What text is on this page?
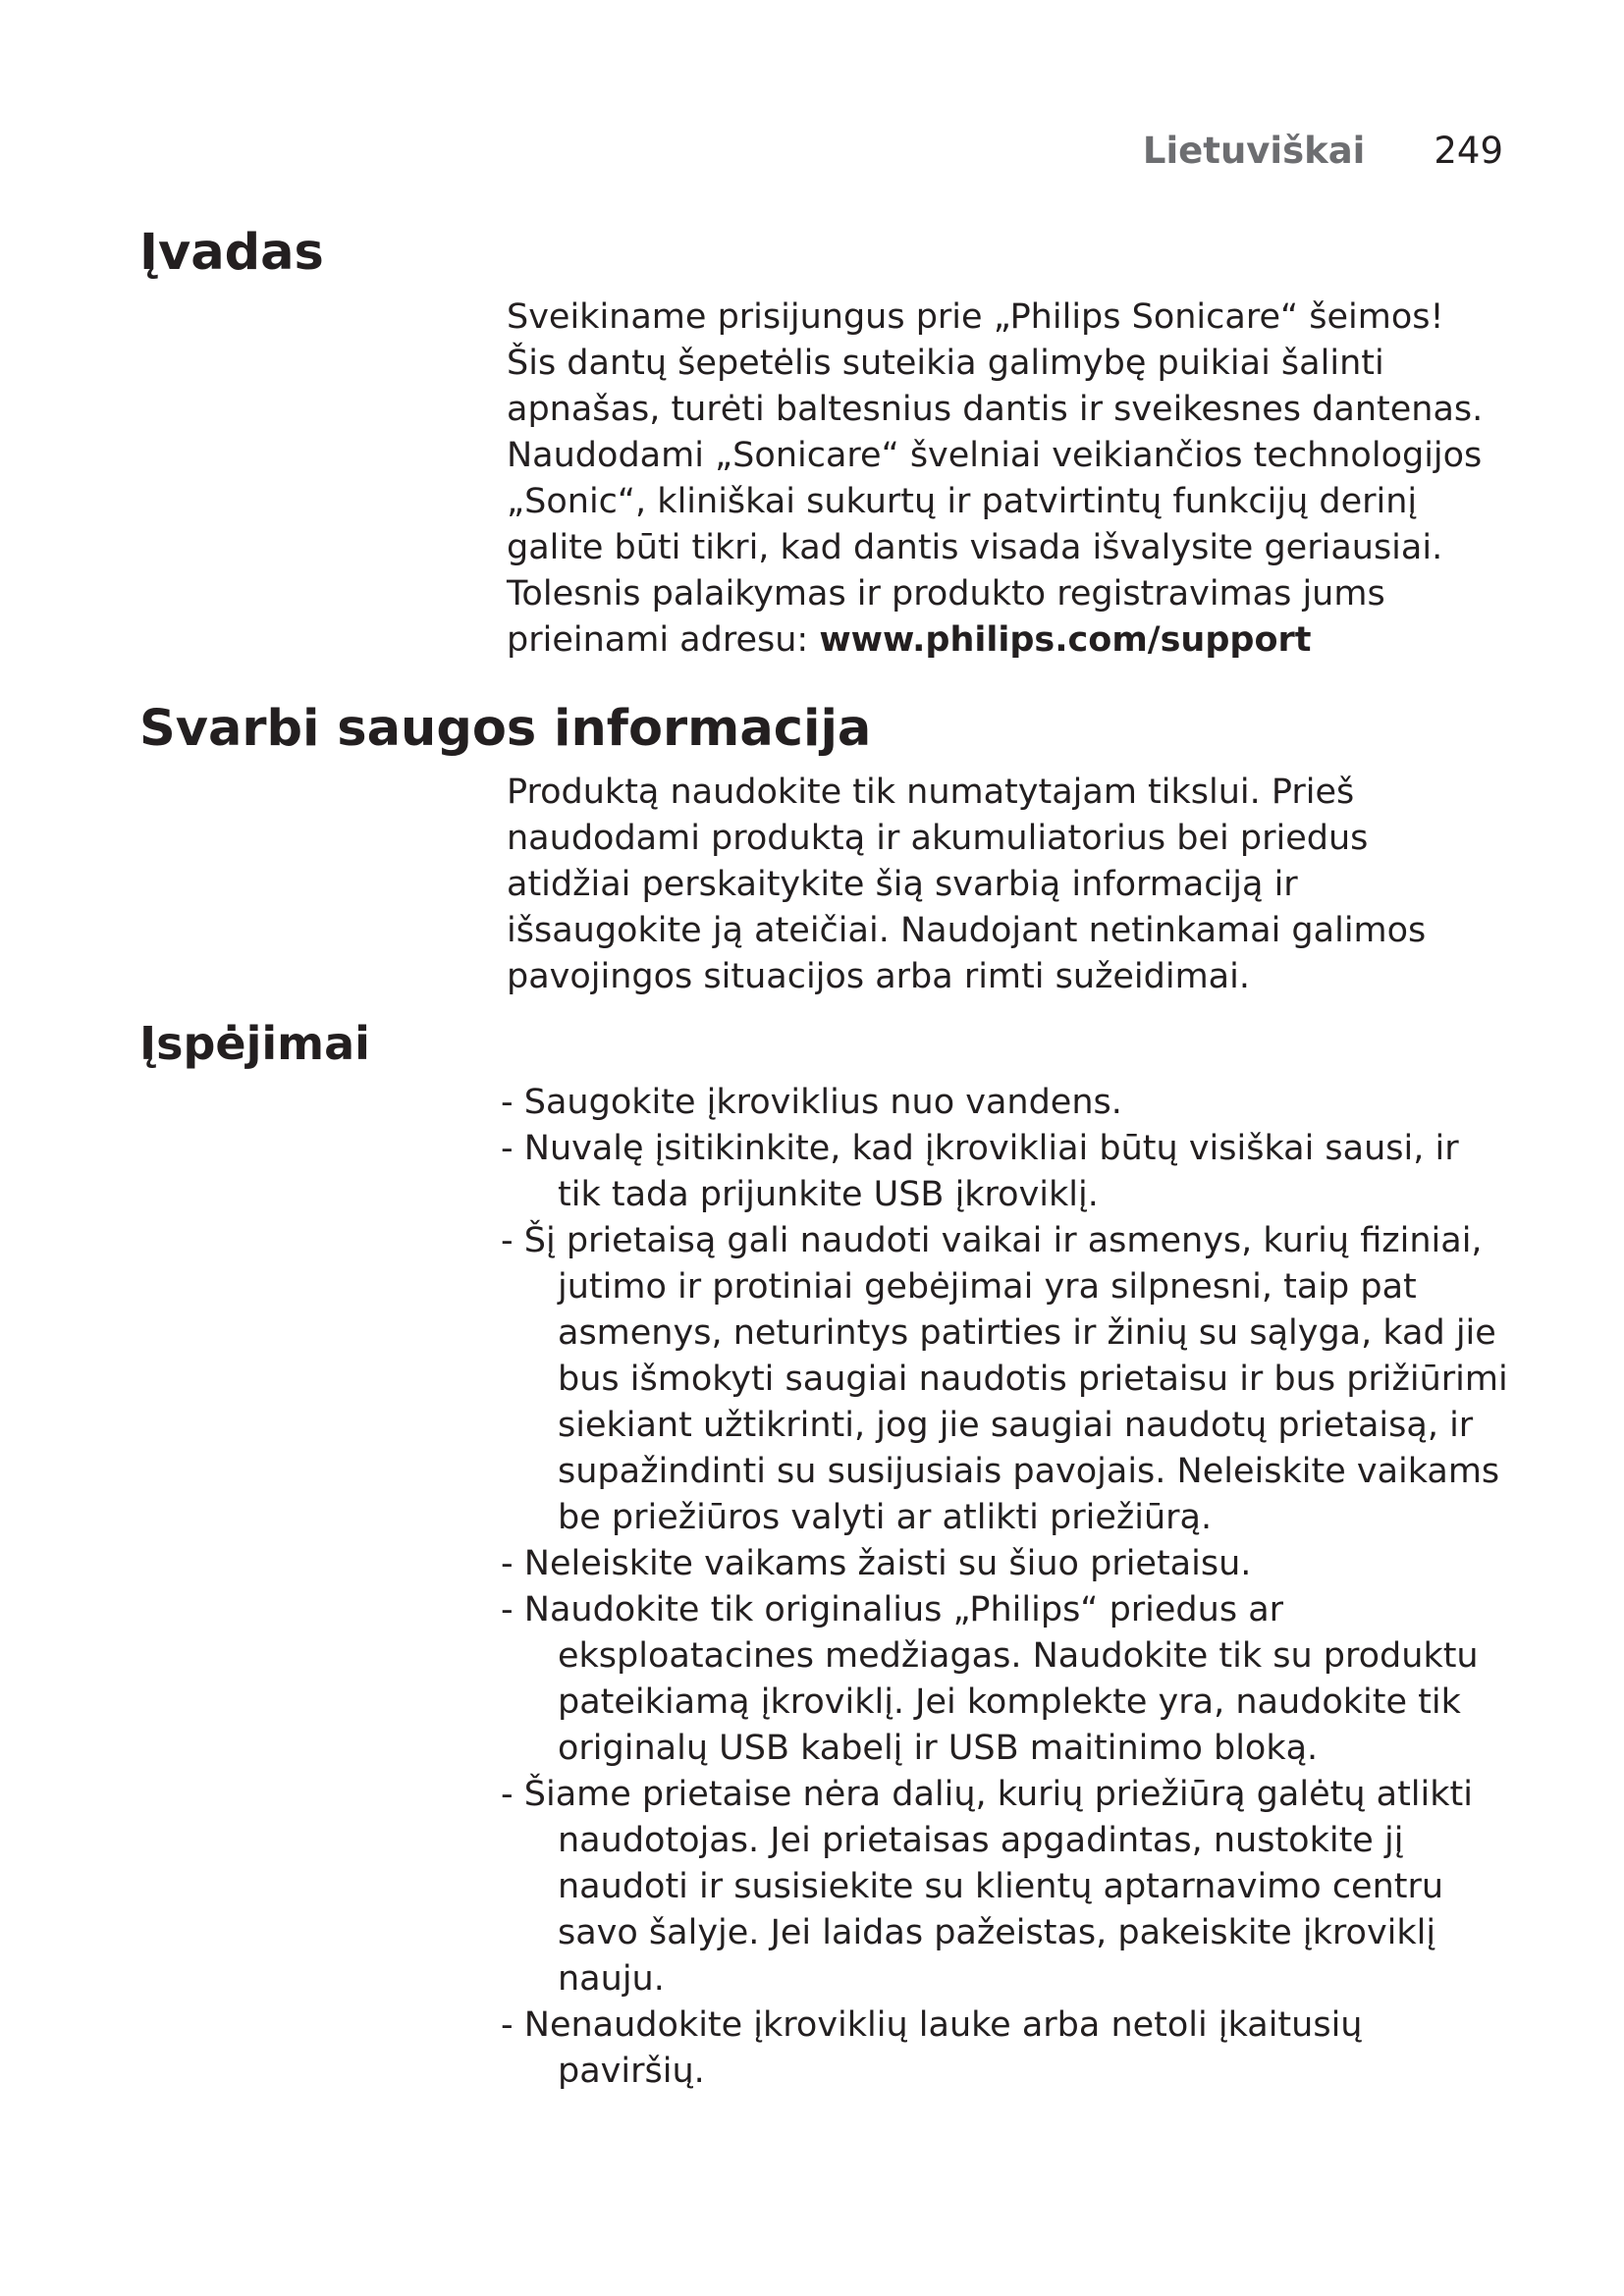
Lietuviškai 249
Įvadas

Sveikiname prisijungus prie „Philips Sonicare“ šeimos! Šis dantų šepetėlis suteikia galimybę puikiai šalinti apnašas, turėti baltesnius dantis ir sveikesnes dantenas. Naudodami „Sonicare“ švelniai veikiančios technologijos „Sonic“, kliniškai sukurtų ir patvirtintų funkcijų derinį galite būti tikri, kad dantis visada išvalysite geriausiai. Tolesnis palaikymas ir produkto registravimas jums prieinami adresu: www.philips.com/support

Svarbi saugos informacija

Produktą naudokite tik numatytajam tikslui. Prieš naudodami produktą ir akumuliatorius bei priedus atidžiai perskaitykite šią svarbią informaciją ir išsaugokite ją ateičiai. Naudojant netinkamai galimos pavojingos situacijos arba rimti sužeidimai.

Įspėjimai
- Saugokite įkroviklius nuo vandens.
- Nuvalę įsitikinkite, kad įkrovikliai būtų visiškai sausi, ir tik tada prijunkite USB įkroviklį.
- Šį prietaisą gali naudoti vaikai ir asmenys, kurių fiziniai, jutimo ir protiniai gebėjimai yra silpnesni, taip pat asmenys, neturintys patirties ir žinių su sąlyga, kad jie bus išmokyti saugiai naudotis prietaisu ir bus prižiūrimi siekiant užtikrinti, jog jie saugiai naudotų prietaisą, ir supažindinti su susijusiais pavojais. Neleiskite vaikams be priežiūros valyti ar atlikti priežiūrą.
- Neleiskite vaikams žaisti su šiuo prietaisu.
- Naudokite tik originalius „Philips“ priedus ar eksploatacines medžiagas. Naudokite tik su produktu pateikiamą įkroviklį. Jei komplekte yra, naudokite tik originalų USB kabelį ir USB maitinimo bloką.
- Šiame prietaise nėra dalių, kurių priežiūrą galėtų atlikti naudotojas. Jei prietaisas apgadintas, nustokite jį naudoti ir susisiekite su klientų aptarnavimo centru savo šalyje. Jei laidas pažeistas, pakeiskite įkroviklį nauju.
- Nenaudokite įkroviklių lauke arba netoli įkaitusių paviršių.
